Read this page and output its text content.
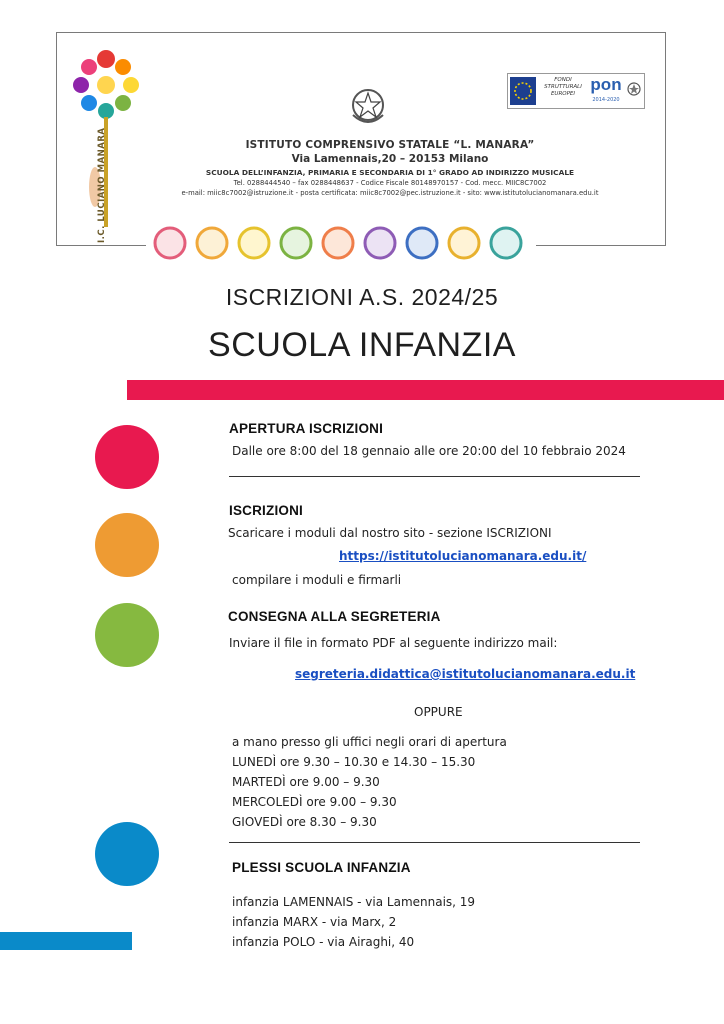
I.C. LUCIANO MANARA
FONDI
STRUTTURALI
EUROPEI pon
2014-2020
ISTITUTO COMPRENSIVO STATALE “L. MANARA”
Via Lamennais,20 – 20153 Milano
SCUOLA DELL’INFANZIA, PRIMARIA E SECONDARIA DI 1° GRADO AD INDIRIZZO MUSICALE
Tel. 0288444540 – fax 0288448637 - Codice Fiscale 80148970157 - Cod. mecc. MIIC8C7002
e-mail: miic8c7002@istruzione.it - posta certificata: miic8c7002@pec.istruzione.it - sito: www.istitutolucianomanara.edu.it
ISCRIZIONI A.S. 2024/25
SCUOLA INFANZIA
APERTURA ISCRIZIONI
Dalle ore 8:00 del 18 gennaio alle ore 20:00 del 10 febbraio 2024
ISCRIZIONI
Scaricare i moduli dal nostro sito - sezione ISCRIZIONI
https://istitutolucianomanara.edu.it/
compilare i moduli e firmarli
CONSEGNA ALLA SEGRETERIA
Inviare il file in formato PDF al seguente indirizzo mail:
segreteria.didattica@istitutolucianomanara.edu.it
OPPURE
a mano presso gli uffici negli orari di apertura
LUNEDÌ ore 9.30 – 10.30 e 14.30 – 15.30
MARTEDÌ ore 9.00 – 9.30
MERCOLEDÌ ore 9.00 – 9.30
GIOVEDÌ ore 8.30 – 9.30
PLESSI SCUOLA INFANZIA
infanzia LAMENNAIS - via Lamennais, 19
infanzia MARX - via Marx, 2
infanzia POLO - via Airaghi, 40
